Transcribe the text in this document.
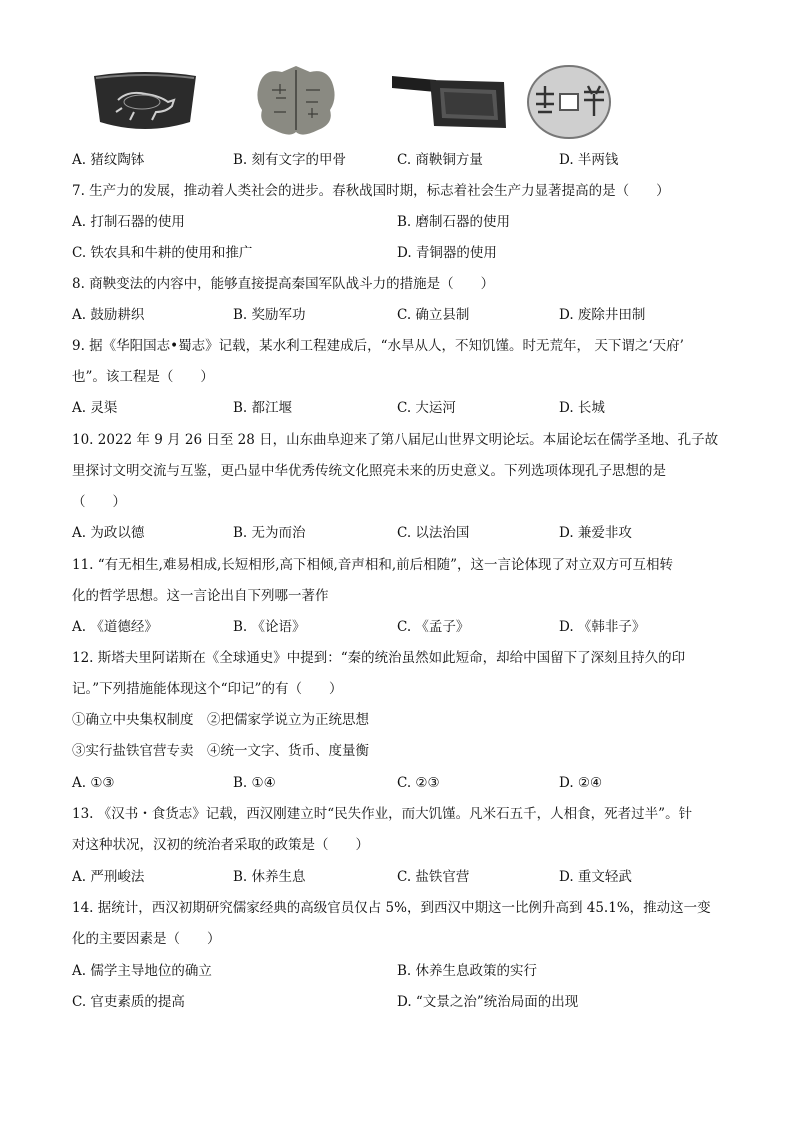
A. 猪纹陶钵	B. 刻有文字的甲骨	C. 商鞅铜方量	D. 半两钱
7. 生产力的发展，推动着人类社会的进步。春秋战国时期，标志着社会生产力显著提高的是（　　）
A. 打制石器的使用	B. 磨制石器的使用
C. 铁农具和牛耕的使用和推广	D. 青铜器的使用
8. 商鞅变法的内容中，能够直接提高秦国军队战斗力的措施是（　　）
A. 鼓励耕织	B. 奖励军功	C. 确立县制	D. 废除井田制
9. 据《华阳国志•蜀志》记载，某水利工程建成后，“水旱从人，不知饥馑。时无荒年， 天下谓之‘天府’
也”。该工程是（　　）
A. 灵渠	B. 都江堰	C. 大运河	D. 长城
10. 2022 年 9 月 26 日至 28 日，山东曲阜迎来了第八届尼山世界文明论坛。本届论坛在儒学圣地、孔子故
里探讨文明交流与互鉴，更凸显中华优秀传统文化照亮未来的历史意义。下列选项体现孔子思想的是
（　　）
A. 为政以德	B. 无为而治	C. 以法治国	D. 兼爱非攻
11. “有无相生,难易相成,长短相形,高下相倾,音声相和,前后相随”，这一言论体现了对立双方可互相转
化的哲学思想。这一言论出自下列哪一著作
A. 《道德经》	B. 《论语》	C. 《孟子》	D. 《韩非子》
12. 斯塔夫里阿诺斯在《全球通史》中提到：“秦的统治虽然如此短命，却给中国留下了深刻且持久的印
记。”下列措施能体现这个“印记”的有（　　）
①确立中央集权制度　②把儒家学说立为正统思想
③实行盐铁官营专卖　④统一文字、货币、度量衡
A. ①③	B. ①④	C. ②③	D. ②④
13. 《汉书・食货志》记载，西汉刚建立时“民失作业，而大饥馑。凡米石五千，人相食，死者过半”。针
对这种状况，汉初的统治者采取的政策是（　　）
A. 严刑峻法	B. 休养生息	C. 盐铁官营	D. 重文轻武
14. 据统计，西汉初期研究儒家经典的高级官员仅占 5%，到西汉中期这一比例升高到 45.1%，推动这一变
化的主要因素是（　　）
A. 儒学主导地位的确立	B. 休养生息政策的实行
C. 官吏素质的提高	D. “文景之治”统治局面的出现
